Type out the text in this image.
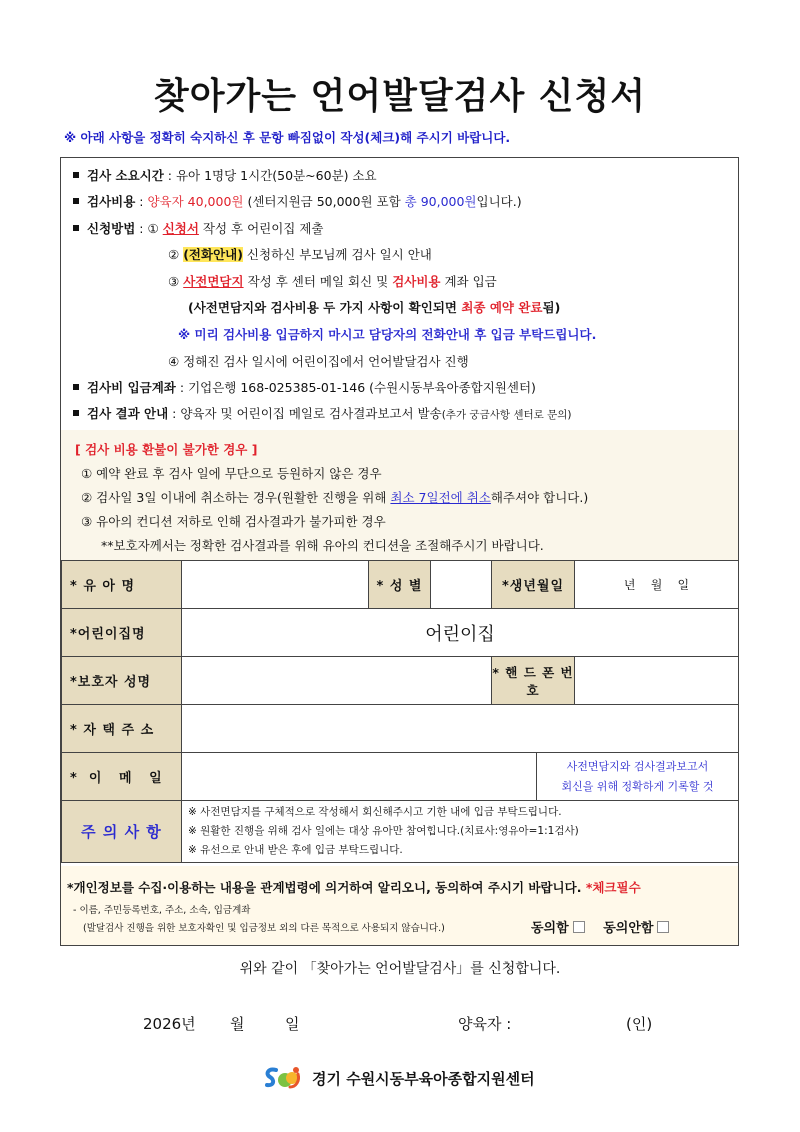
찾아가는 언어발달검사 신청서
※ 아래 사항을 정확히 숙지하신 후 문항 빠짐없이 작성(체크)해 주시기 바랍니다.
검사 소요시간 : 유아 1명당 1시간(50분~60분) 소요
검사비용 : 양육자 40,000원 (센터지원금 50,000원 포함 총 90,000원입니다.)
신청방법 : ① 신청서 작성 후 어린이집 제출
② (전화안내) 신청하신 부모님께 검사 일시 안내
③ 사전면담지 작성 후 센터 메일 회신 및 검사비용 계좌 입금
(사전면담지와 검사비용 두 가지 사항이 확인되면 최종 예약 완료됨)
※ 미리 검사비용 입금하지 마시고 담당자의 전화안내 후 입금 부탁드립니다.
④ 정해진 검사 일시에 어린이집에서 언어발달검사 진행
검사비 입금계좌 : 기업은행 168-025385-01-146 (수원시동부육아종합지원센터)
검사 결과 안내 : 양육자 및 어린이집 메일로 검사결과보고서 발송(추가 궁금사항 센터로 문의)
[ 검사 비용 환불이 불가한 경우 ]
① 예약 완료 후 검사 일에 무단으로 등원하지 않은 경우
② 검사일 3일 이내에 취소하는 경우(원활한 진행을 위해 최소 7일전에 취소해주셔야 합니다.)
③ 유아의 컨디션 저하로 인해 검사결과가 불가피한 경우
**보호자께서는 정확한 검사결과를 위해 유아의 컨디션을 조절해주시기 바랍니다.
* 유 아 명		* 성 별		*생년월일		년    월    일
*어린이집명	어린이집					
*보호자 성명				* 핸 드 폰 번 호		
* 자 택 주 소						
*  이   메   일					사전면담지와 검사결과보고서
회신을 위해 정확하게 기록할 것	

주 의 사 항	※ 사전면담지를 구체적으로 작성해서 회신해주시고 기한 내에 입금 부탁드립니다.
※ 원활한 진행을 위해 검사 일에는 대상 유아만 참여힙니다.(치료사:영유아=1:1검사)
※ 유선으로 안내 받은 후에 입금 부탁드립니다.					
*개인정보를 수집·이용하는 내용을 관계법령에 의거하여 알리오니, 동의하여 주시기 바랍니다. *체크필수
- 이름, 주민등록번호, 주소, 소속, 입금계좌
(발달검사 진행을 위한 보호자확인 및 입금정보 외의 다른 목적으로 사용되지 않습니다.)	동의함	동의안함
위와 같이 「찾아가는 언어발달검사」를 신청합니다.
2026년 월	일	양육자 :	(인)
경기 수원시동부육아종합지원센터
